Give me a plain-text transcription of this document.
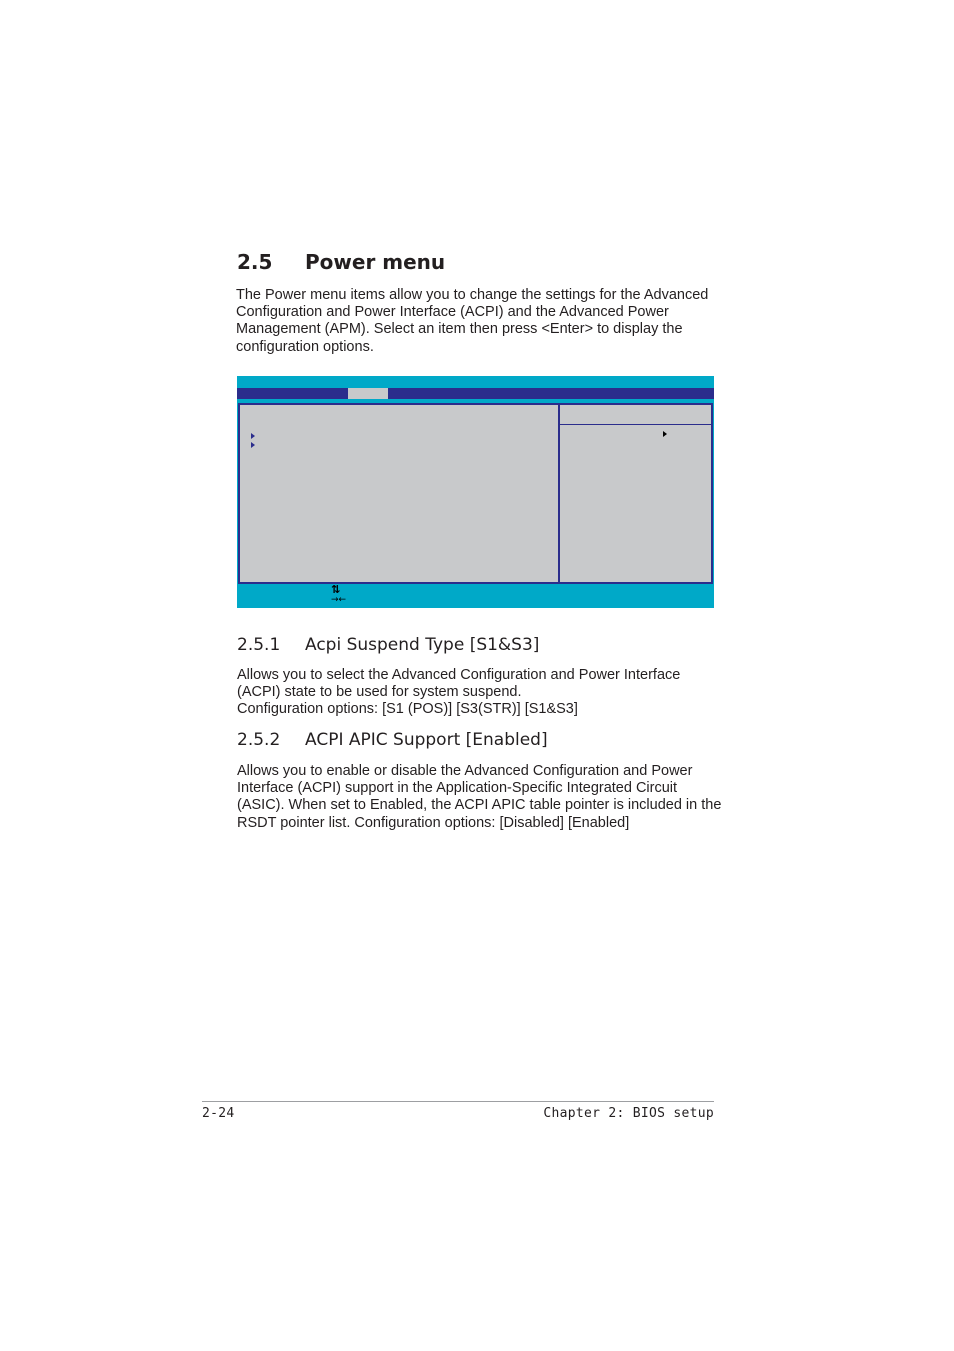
2.5 Power menu

The Power menu items allow you to change the settings for the Advanced
Configuration and Power Interface (ACPI) and the Advanced Power
Management (APM). Select an item then press <Enter> to display the
configuration options.

⇅
→←
2.5.1 Acpi Suspend Type [S1&S3]

Allows you to select the Advanced Configuration and Power Interface
(ACPI) state to be used for system suspend.
Configuration options: [S1 (POS)] [S3(STR)] [S1&S3]

2.5.2 ACPI APIC Support [Enabled]

Allows you to enable or disable the Advanced Configuration and Power
Interface (ACPI) support in the Application-Specific Integrated Circuit
(ASIC). When set to Enabled, the ACPI APIC table pointer is included in the
RSDT pointer list. Configuration options: [Disabled] [Enabled]

2-24	Chapter 2: BIOS setup
